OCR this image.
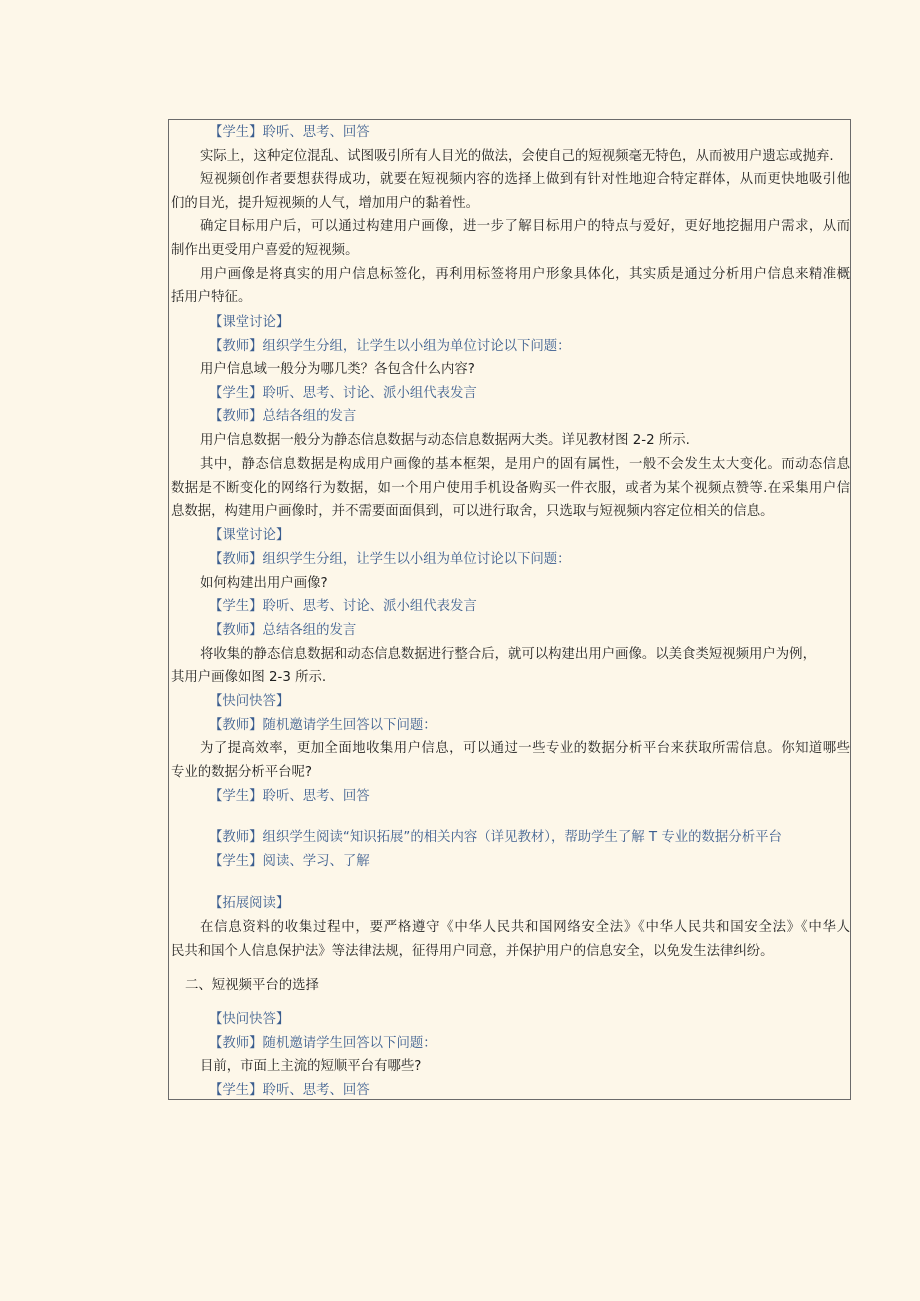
【学生】聆听、思考、回答

实际上，这种定位混乱、试图吸引所有人目光的做法，会使自己的短视频毫无特色，从而被用户遗忘或抛弃.

短视频创作者要想获得成功，就要在短视频内容的选择上做到有针对性地迎合特定群体，从而更快地吸引他

们的目光，提升短视频的人气，增加用户的黏着性。

确定目标用户后，可以通过构建用户画像，进一步了解目标用户的特点与爱好，更好地挖掘用户需求，从而

制作出更受用户喜爱的短视频。

用户画像是将真实的用户信息标签化，再利用标签将用户形象具体化，其实质是通过分析用户信息来精准概

括用户特征。

【课堂讨论】

【教师】组织学生分组，让学生以小组为单位讨论以下问题：

用户信息域一般分为哪几类？各包含什么内容?

【学生】聆听、思考、讨论、派小组代表发言

【教师】总结各组的发言

用户信息数据一般分为静态信息数据与动态信息数据两大类。详见教材图 2-2 所示.

其中，静态信息数据是构成用户画像的基本框架，是用户的固有属性，一般不会发生太大变化。而动态信息

数据是不断变化的网络行为数据，如一个用户使用手机设备购买一件衣服，或者为某个视频点赞等.在采集用户信

息数据，构建用户画像时，并不需要面面俱到，可以进行取舍，只选取与短视频内容定位相关的信息。

【课堂讨论】

【教师】组织学生分组，让学生以小组为单位讨论以下问题：

如何构建出用户画像?

【学生】聆听、思考、讨论、派小组代表发言

【教师】总结各组的发言

将收集的静态信息数据和动态信息数据进行整合后，就可以构建出用户画像。以美食类短视频用户为例，

其用户画像如图 2-3 所示.

【快问快答】

【教师】随机邀请学生回答以下问题：

为了提高效率，更加全面地收集用户信息，可以通过一些专业的数据分析平台来获取所需信息。你知道哪些

专业的数据分析平台呢?

【学生】聆听、思考、回答

【教师】组织学生阅读“知识拓展”的相关内容（详见教材），帮助学生了解 T 专业的数据分析平台

【学生】阅读、学习、了解

【拓展阅读】

在信息资料的收集过程中，要严格遵守《中华人民共和国网络安全法》《中华人民共和国安全法》《中华人

民共和国个人信息保护法》等法律法规，征得用户同意，并保护用户的信息安全，以免发生法律纠纷。

二、短视频平台的选择

【快问快答】

【教师】随机邀请学生回答以下问题：

目前，市面上主流的短顺平台有哪些?

【学生】聆听、思考、回答
